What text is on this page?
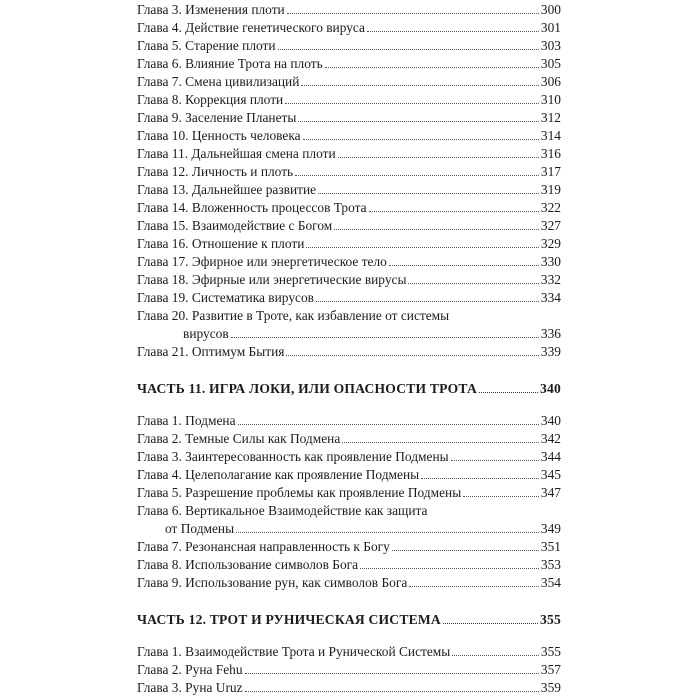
Глава 3. Изменения плоти	300
Глава 4. Действие генетического вируса	301
Глава 5. Старение плоти	303
Глава 6. Влияние Трота на плоть	305
Глава 7. Смена цивилизаций	306
Глава 8. Коррекция плоти	310
Глава 9. Заселение Планеты	312
Глава 10. Ценность человека	314
Глава 11. Дальнейшая смена плоти	316
Глава 12. Личность и плоть	317
Глава 13. Дальнейшее развитие	319
Глава 14. Вложенность процессов Трота	322
Глава 15. Взаимодействие с Богом	327
Глава 16. Отношение к плоти	329
Глава 17. Эфирное или энергетическое тело	330
Глава 18. Эфирные или энергетические вирусы	332
Глава 19. Систематика вирусов	334
Глава 20. Развитие в Троте, как избавление от системы
вирусов	336
Глава 21. Оптимум Бытия	339
ЧАСТЬ 11. ИГРА ЛОКИ, ИЛИ ОПАСНОСТИ ТРОТА	340
Глава 1. Подмена	340
Глава 2. Темные Силы как Подмена	342
Глава 3. Заинтересованность как проявление Подмены	344
Глава 4. Целеполагание как проявление Подмены	345
Глава 5. Разрешение проблемы как проявление Подмены	347
Глава 6. Вертикальное Взаимодействие как защита
от Подмены	349
Глава 7. Резонансная направленность к Богу	351
Глава 8. Использование символов Бога	353
Глава 9. Использование рун, как символов Бога	354
ЧАСТЬ 12. ТРОТ И РУНИЧЕСКАЯ СИСТЕМА	355
Глава 1. Взаимодействие Трота и Рунической Системы	355
Глава 2. Руна Fehu	357
Глава 3. Руна Uruz	359
